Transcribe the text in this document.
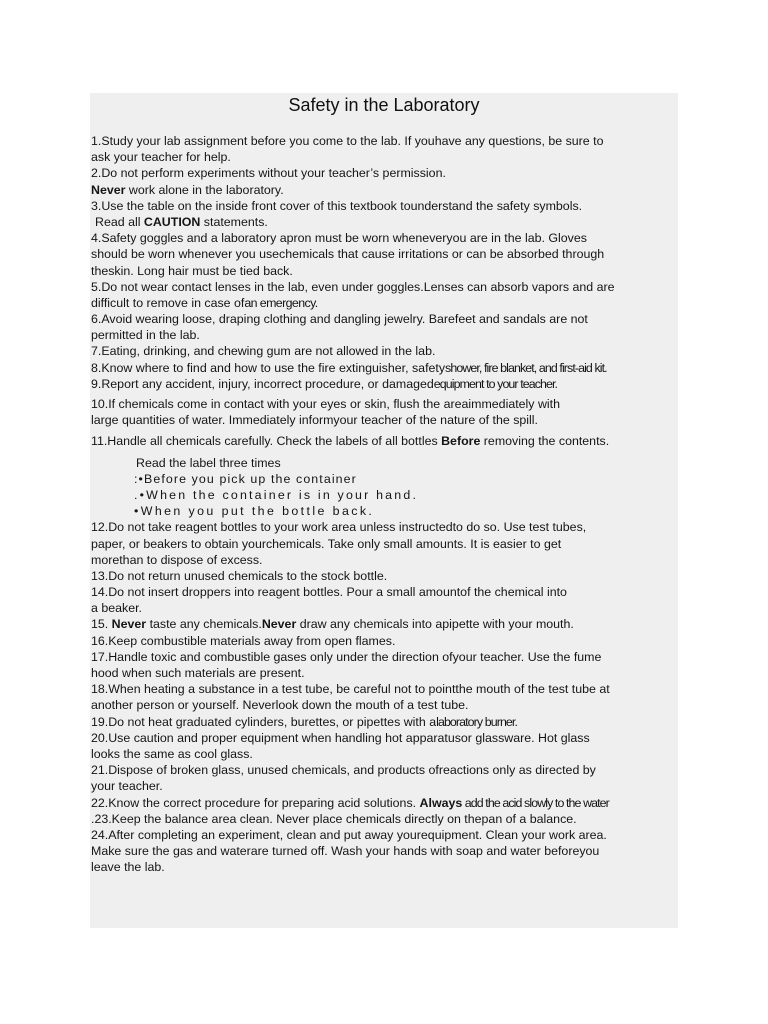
Safety in the Laboratory
1.Study your lab assignment before you come to the lab. If youhave any questions, be sure to
ask your teacher for help.
2.Do not perform experiments without your teacher’s permission.
Never work alone in the laboratory.
3.Use the table on the inside front cover of this textbook tounderstand the safety symbols.
Read all CAUTION statements.
4.Safety goggles and a laboratory apron must be worn wheneveryou are in the lab. Gloves
should be worn whenever you usechemicals that cause irritations or can be absorbed through
theskin. Long hair must be tied back.
5.Do not wear contact lenses in the lab, even under goggles.Lenses can absorb vapors and are
difficult to remove in case ofan emergency.
6.Avoid wearing loose, draping clothing and dangling jewelry. Barefeet and sandals are not
permitted in the lab.
7.Eating, drinking, and chewing gum are not allowed in the lab.
8.Know where to find and how to use the fire extinguisher, safetyshower, fire blanket, and first-aid kit.
9.Report any accident, injury, incorrect procedure, or damagedequipment to your teacher.
10.If chemicals come in contact with your eyes or skin, flush the areaimmediately with
large quantities of water. Immediately informyour teacher of the nature of the spill.
11.Handle all chemicals carefully. Check the labels of all bottles Before removing the contents.
Read the label three times
:•Before you pick up the container
.•When the container is in your hand.
•When you put the bottle back.
12.Do not take reagent bottles to your work area unless instructedto do so. Use test tubes,
paper, or beakers to obtain yourchemicals. Take only small amounts. It is easier to get
morethan to dispose of excess.
13.Do not return unused chemicals to the stock bottle.
14.Do not insert droppers into reagent bottles. Pour a small amountof the chemical into
a beaker.
15. Never taste any chemicals.Never draw any chemicals into apipette with your mouth.
16.Keep combustible materials away from open flames.
17.Handle toxic and combustible gases only under the direction ofyour teacher. Use the fume
hood when such materials are present.
18.When heating a substance in a test tube, be careful not to pointthe mouth of the test tube at
another person or yourself. Neverlook down the mouth of a test tube.
19.Do not heat graduated cylinders, burettes, or pipettes with alaboratory burner.
20.Use caution and proper equipment when handling hot apparatusor glassware. Hot glass
looks the same as cool glass.
21.Dispose of broken glass, unused chemicals, and products ofreactions only as directed by
your teacher.
22.Know the correct procedure for preparing acid solutions. Always add the acid slowly to the water
.23.Keep the balance area clean. Never place chemicals directly on thepan of a balance.
24.After completing an experiment, clean and put away yourequipment. Clean your work area.
Make sure the gas and waterare turned off. Wash your hands with soap and water beforeyou
leave the lab.
